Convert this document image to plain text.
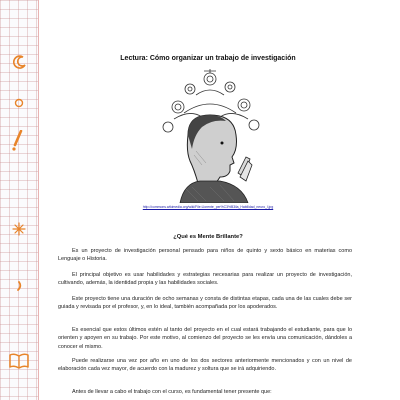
Lectura: Cómo organizar un trabajo de investigación
http://commons.wikimedia.org/wiki/File:Llorente_per%C3%B3ila_Habilidad_neuro_l.jpg
¿Qué es Mente Brillante?

Es un proyecto de investigación personal pensado para niños de quinto y sexto básico en materias como Lenguaje o Historia.

El principal objetivo es usar habilidades y estrategias necesarias para realizar un proyecto de investigación, cultivando, además, la identidad propia y las habilidades sociales.

Este proyecto tiene una duración de ocho semanas y consta de distintas etapas, cada una de las cuales debe ser guiada y revisada por el profesor, y, en lo ideal, también acompañada por los apoderados.

Es esencial que estos últimos estén al tanto del proyecto en el cual estará trabajando el estudiante, para que lo orienten y apoyen en su trabajo. Por este motivo, al comienzo del proyecto se les envía una comunicación, dándoles a conocer el mismo.

Puede realizarse una vez por año en uno de los dos sectores anteriormente mencionados y con un nivel de elaboración cada vez mayor, de acuerdo con la madurez y soltura que se irá adquiriendo.

Antes de llevar a cabo el trabajo con el curso, es fundamental tener presente que:
